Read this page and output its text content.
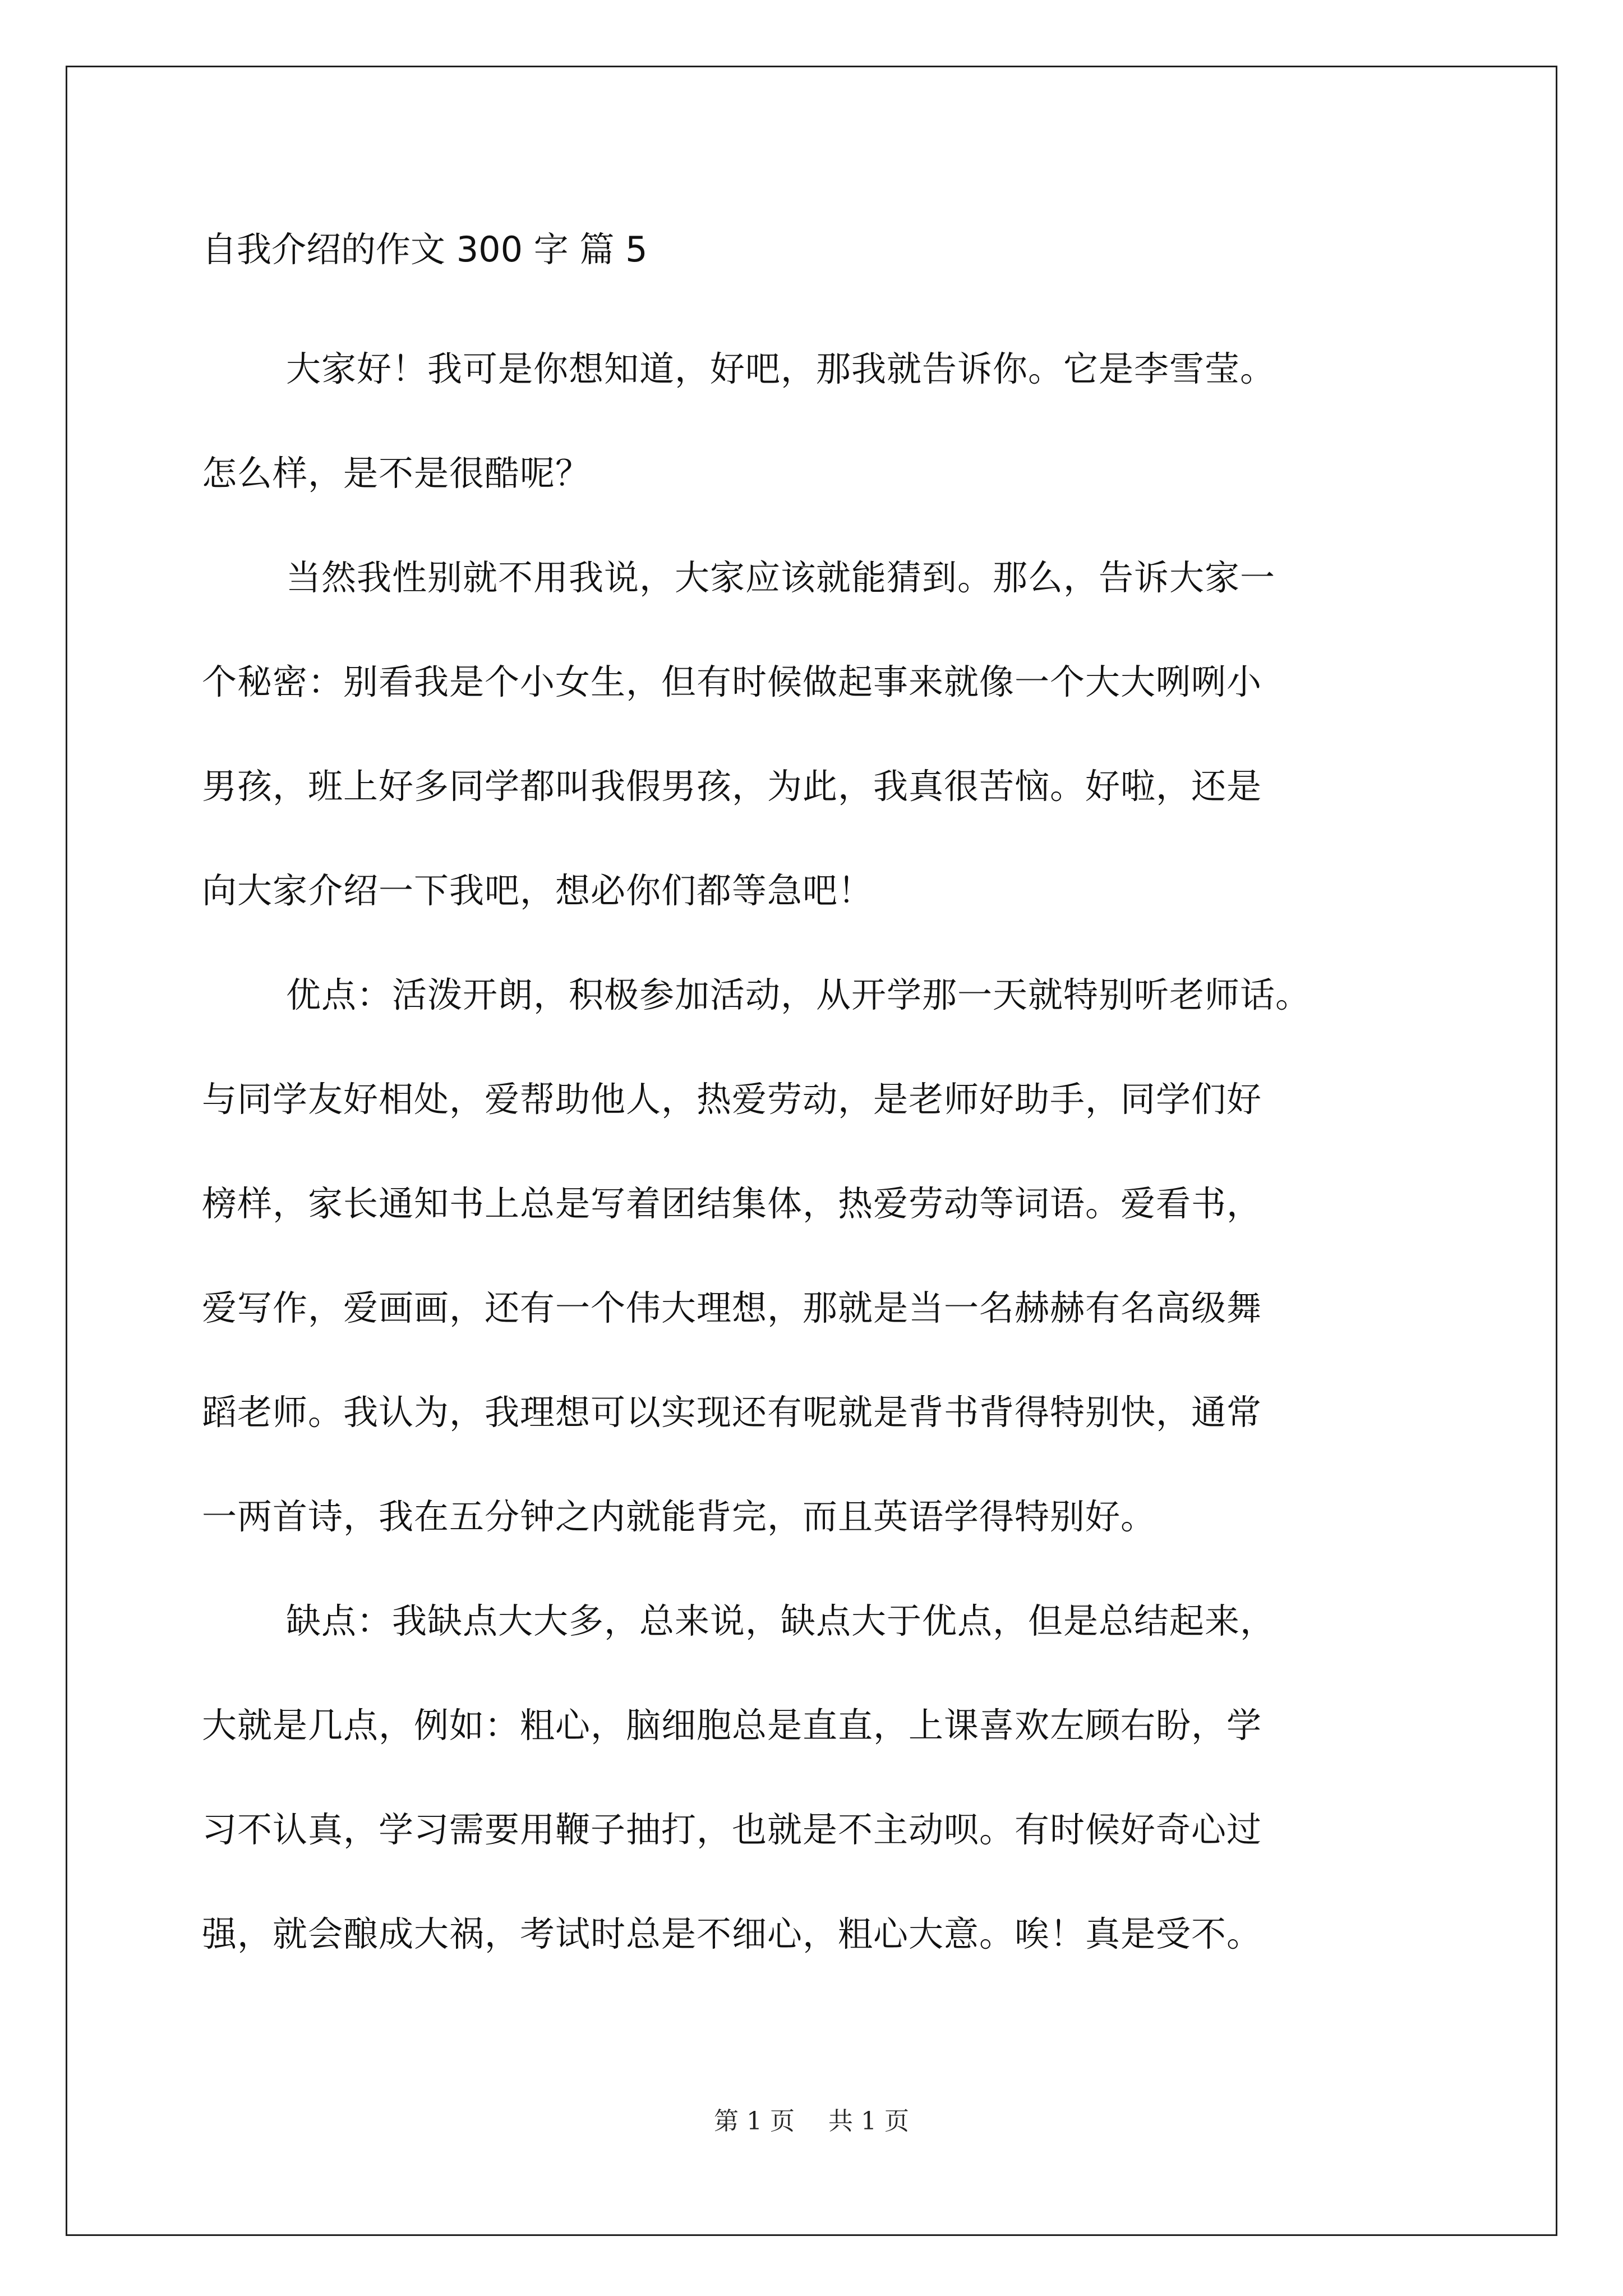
自我介绍的作文 300 字 篇 5

大家好！我可是你想知道，好吧，那我就告诉你。它是李雪莹。
怎么样，是不是很酷呢？

当然我性别就不用我说，大家应该就能猜到。那么，告诉大家一
个秘密：别看我是个小女生，但有时候做起事来就像一个大大咧咧小
男孩，班上好多同学都叫我假男孩，为此，我真很苦恼。好啦，还是
向大家介绍一下我吧，想必你们都等急吧！

优点：活泼开朗，积极参加活动，从开学那一天就特别听老师话。
与同学友好相处，爱帮助他人，热爱劳动，是老师好助手，同学们好
榜样，家长通知书上总是写着团结集体，热爱劳动等词语。爱看书，
爱写作，爱画画，还有一个伟大理想，那就是当一名赫赫有名高级舞
蹈老师。我认为，我理想可以实现还有呢就是背书背得特别快，通常
一两首诗，我在五分钟之内就能背完，而且英语学得特别好。

缺点：我缺点大大多，总来说，缺点大于优点，但是总结起来，
大就是几点，例如：粗心，脑细胞总是直直，上课喜欢左顾右盼，学
习不认真，学习需要用鞭子抽打，也就是不主动呗。有时候好奇心过
强，就会酿成大祸，考试时总是不细心，粗心大意。唉！真是受不。

第 1 页 共 1 页
